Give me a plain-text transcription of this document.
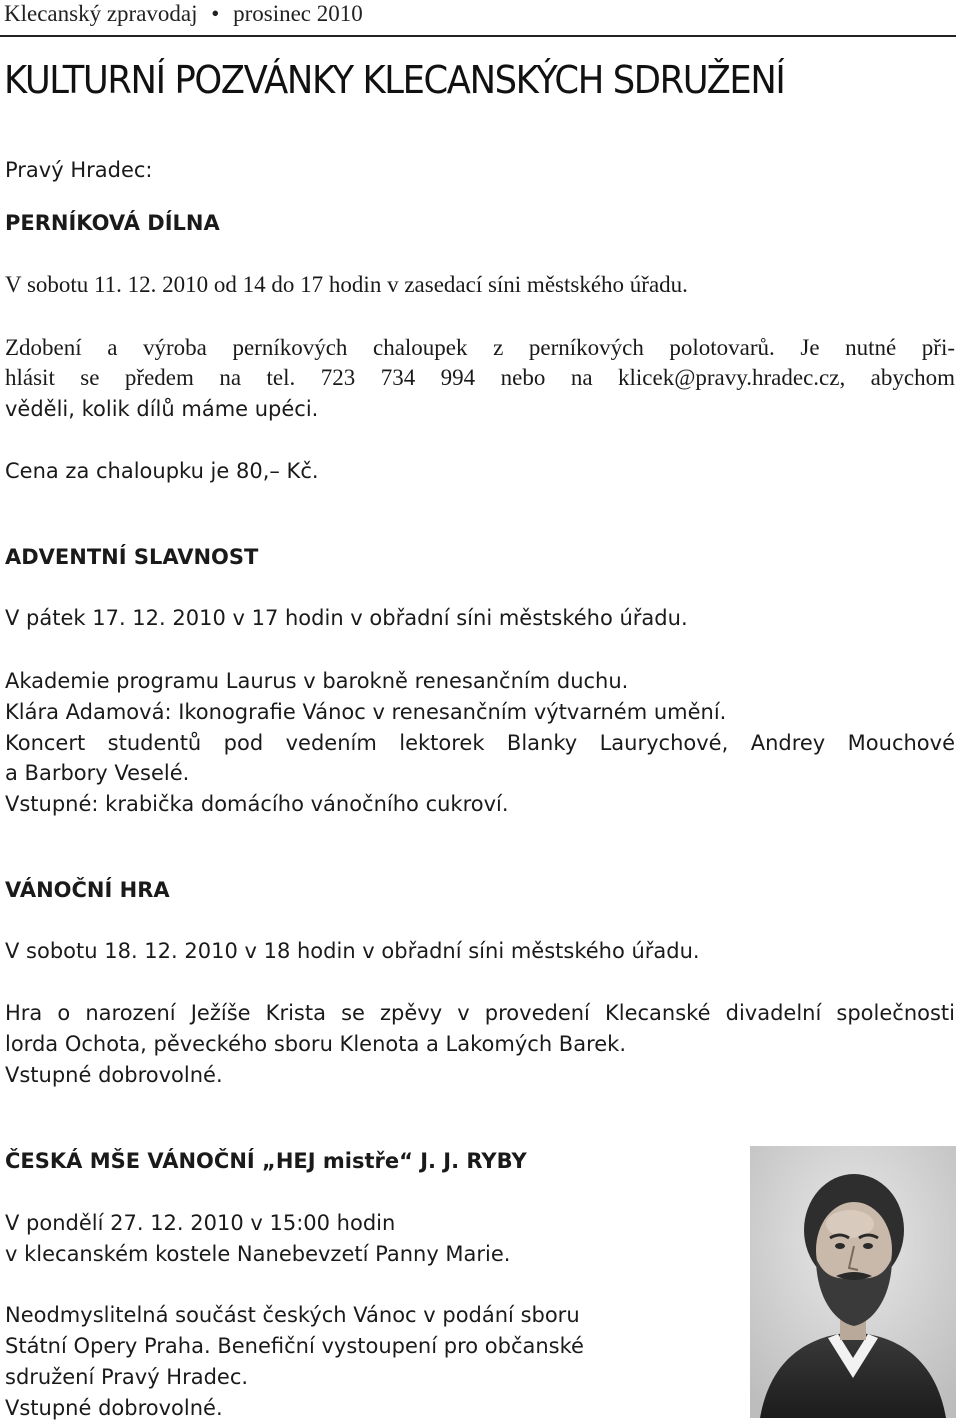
Klecanský zpravodaj • prosinec 2010
KULTURNÍ POZVÁNKY KLECANSKÝCH SDRUŽENÍ
Pravý Hradec:
PERNÍKOVÁ DÍLNA
V sobotu 11. 12. 2010 od 14 do 17 hodin v zasedací síni městského úřadu.
Zdobení a výroba perníkových chaloupek z perníkových polotovarů. Je nutné při-
hlásit se předem na tel. 723 734 994 nebo na klicek@pravy.hradec.cz, abychom
věděli, kolik dílů máme upéci.
Cena za chaloupku je 80,– Kč.
ADVENTNÍ SLAVNOST
V pátek 17. 12. 2010 v 17 hodin v obřadní síni městského úřadu.
Akademie programu Laurus v barokně renesančním duchu.
Klára Adamová: Ikonografie Vánoc v renesančním výtvarném umění.
Koncert studentů pod vedením lektorek Blanky Laurychové, Andrey Mouchové
a Barbory Veselé.
Vstupné: krabička domácího vánočního cukroví.
VÁNOČNÍ HRA
V sobotu 18. 12. 2010 v 18 hodin v obřadní síni městského úřadu.
Hra o narození Ježíše Krista se zpěvy v provedení Klecanské divadelní společnosti
lorda Ochota, pěveckého sboru Klenota a Lakomých Barek.
Vstupné dobrovolné.
ČESKÁ MŠE VÁNOČNÍ „HEJ mistře“ J. J. RYBY
V pondělí 27. 12. 2010 v 15:00 hodin
v klecanském kostele Nanebevzetí Panny Marie.
Neodmyslitelná součást českých Vánoc v podání sboru
Státní Opery Praha. Benefiční vystoupení pro občanské
sdružení Pravý Hradec.
Vstupné dobrovolné.
